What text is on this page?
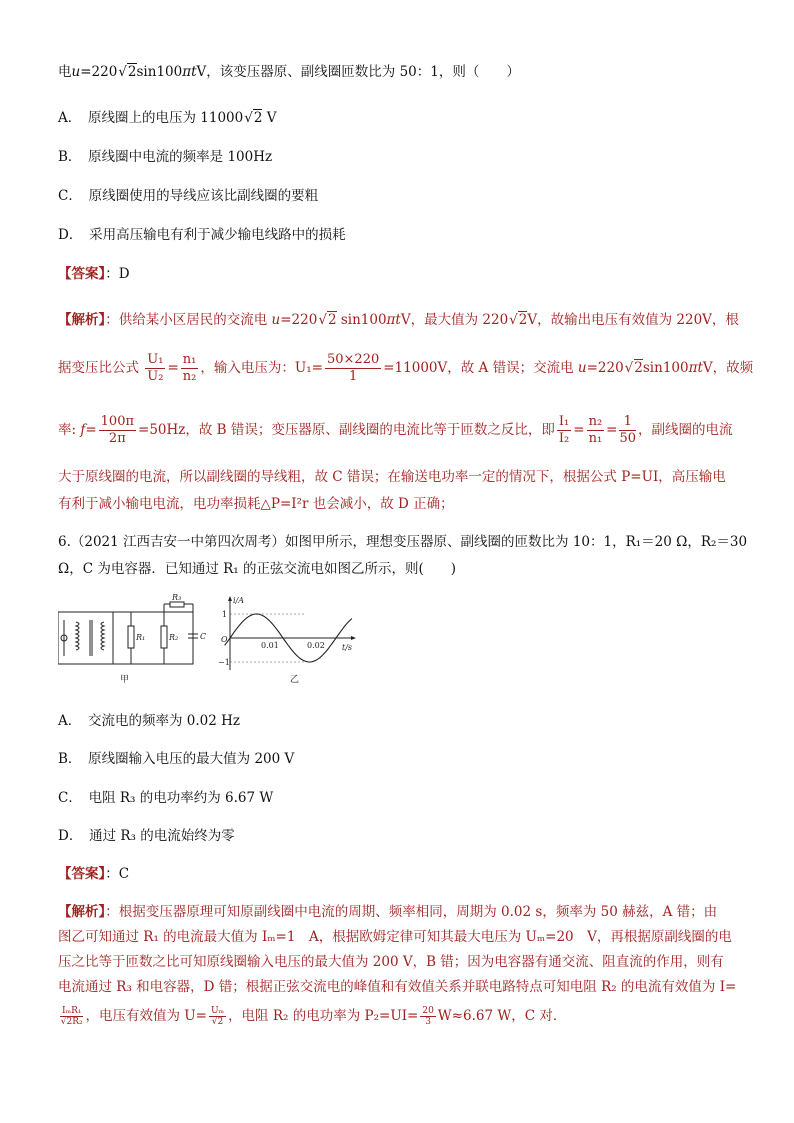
电u=220 √ 2sin100πtV，该变压器原、副线圈匝数比为 50：1，则（　　）
A．　原线圈上的电压为 11000 √ 2 V
B．　原线圈中电流的频率是 100Hz
C．　原线圈使用的导线应该比副线圈的要粗
D．　采用高压输电有利于减少输电线路中的损耗
【答案】：D
【解析】：供给某小区居民的交流电 u=220 √ 2 sin100πtV，最大值为 220 √ 2V，故输出电压有效值为 220V，根
据变压比公式 $\frac{\text{U₁}}{\text{U₂}} = \frac{\text{n₁}}{\text{n₂}}$ ，输入电压为：$U_1= \frac{50\times 220}{1} =11000V$，故 A 错误；交流电 u=220 √ 2sin100πtV，故频
率: $f= \frac{100\pi}{2\pi} =50Hz$，故 B 错误；变压器原、副线圈的电流比等于匝数之反比，即 $\frac{\text{I₁}}{\text{I₂}} = \frac{\text{n₂}}{\text{n₁}} = \frac{1}{50}$ ，副线圈的电流
大于原线圈的电流，所以副线圈的导线粗，故 C 错误；在输送电功率一定的情况下，根据公式 P=UI，高压输电
有利于减小输电电流，电功率损耗△P=I²r 也会减小，故 D 正确；
6.（2021 江西吉安一中第四次周考）如图甲所示，理想变压器原、副线圈的匝数比为 10：1，R₁＝20 Ω，R₂＝30
Ω，C 为电容器．已知通过 R₁ 的正弦交流电如图乙所示，则(　　)
R₃
R₁	R₂	C
甲
i/A
t/s
O
1
−1
0.01	0.02
乙
A．　交流电的频率为 0.02 Hz
B．　原线圈输入电压的最大值为 200 V
C．　电阻 R₃ 的电功率约为 6.67 W
D．　通过 R₃ 的电流始终为零
【答案】：C
【解析】：根据变压器原理可知原副线圈中电流的周期、频率相同，周期为 0.02 s，频率为 50 赫兹，A 错；由
图乙可知通过 R₁ 的电流最大值为 Iₘ=1　A，根据欧姆定律可知其最大电压为 Uₘ=20　V，再根据原副线圈的电
压之比等于匝数之比可知原线圈输入电压的最大值为 200 V，B 错；因为电容器有通交流、阻直流的作用，则有
电流通过 R₃ 和电容器，D 错；根据正弦交流电的峰值和有效值关系并联电路特点可知电阻 R₂ 的电流有效值为 I=
$\frac{\text{IₘR₁}}{\text{√2R₂}}$ ，电压有效值为 $U= \frac{\text{Uₘ}}{√2}$ ，电阻 R₂ 的电功率为 $P_2=UI= \frac{20}{3} W\approx 6.67$ W，C 对．
